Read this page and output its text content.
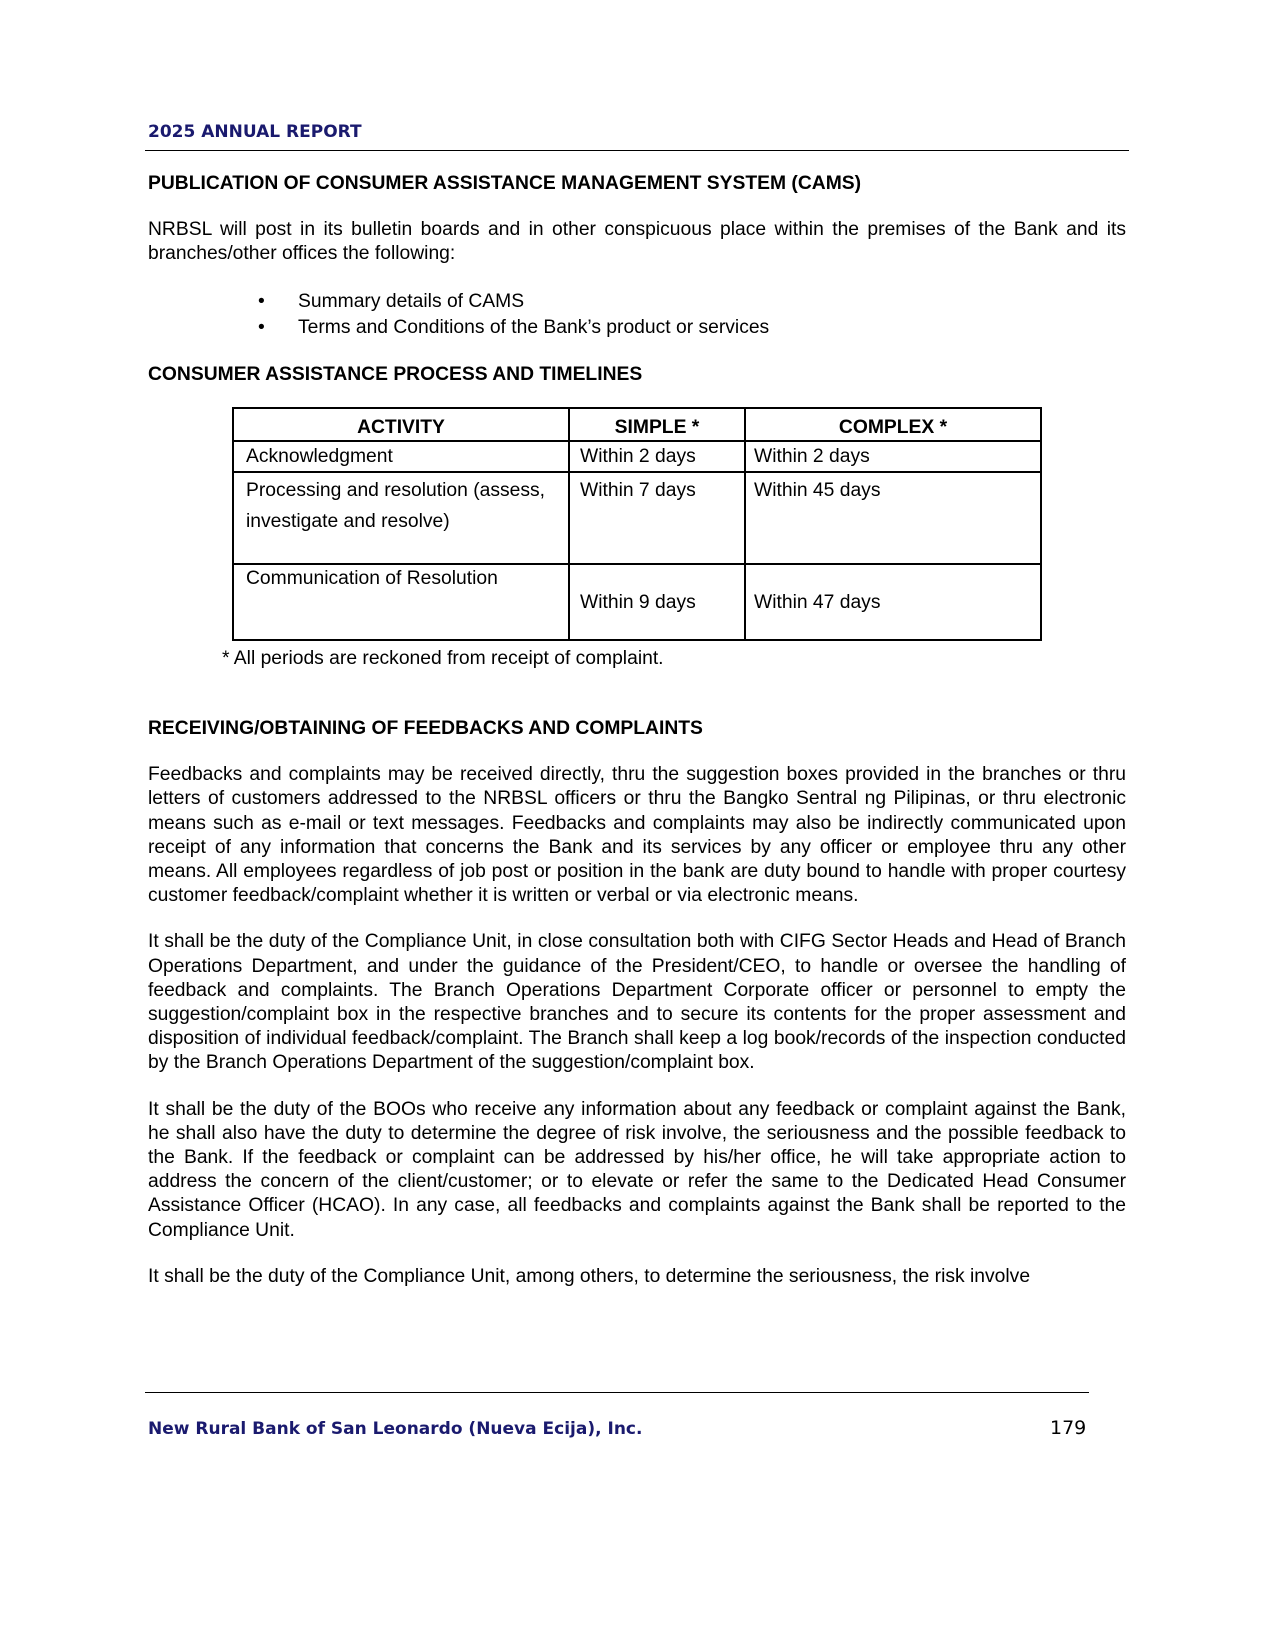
2025 ANNUAL REPORT
PUBLICATION OF CONSUMER ASSISTANCE MANAGEMENT SYSTEM (CAMS)

NRBSL will post in its bulletin boards and in other conspicuous place within the premises of the Bank and its branches/other offices the following:

• Summary details of CAMS
• Terms and Conditions of the Bank’s product or services
CONSUMER ASSISTANCE PROCESS AND TIMELINES
ACTIVITY	SIMPLE *	COMPLEX *
Acknowledgment	Within 2 days	Within 2 days
Processing and resolution (assess, investigate and resolve)	Within 7 days	Within 45 days
Communication of Resolution	Within 9 days	Within 47 days

* All periods are reckoned from receipt of complaint.

RECEIVING/OBTAINING OF FEEDBACKS AND COMPLAINTS

Feedbacks and complaints may be received directly, thru the suggestion boxes provided in the branches or thru letters of customers addressed to the NRBSL officers or thru the Bangko Sentral ng Pilipinas, or thru electronic means such as e-mail or text messages. Feedbacks and complaints may also be indirectly communicated upon receipt of any information that concerns the Bank and its services by any officer or employee thru any other means. All employees regardless of job post or position in the bank are duty bound to handle with proper courtesy customer feedback/complaint whether it is written or verbal or via electronic means.

It shall be the duty of the Compliance Unit, in close consultation both with CIFG Sector Heads and Head of Branch Operations Department, and under the guidance of the President/CEO, to handle or oversee the handling of feedback and complaints. The Branch Operations Department Corporate officer or personnel to empty the suggestion/complaint box in the respective branches and to secure its contents for the proper assessment and disposition of individual feedback/complaint. The Branch shall keep a log book/records of the inspection conducted by the Branch Operations Department of the suggestion/complaint box.

It shall be the duty of the BOOs who receive any information about any feedback or complaint against the Bank, he shall also have the duty to determine the degree of risk involve, the seriousness and the possible feedback to the Bank. If the feedback or complaint can be addressed by his/her office, he will take appropriate action to address the concern of the client/customer; or to elevate or refer the same to the Dedicated Head Consumer Assistance Officer (HCAO). In any case, all feedbacks and complaints against the Bank shall be reported to the Compliance Unit.

It shall be the duty of the Compliance Unit, among others, to determine the seriousness, the risk involve

New Rural Bank of San Leonardo (Nueva Ecija), Inc.	179
